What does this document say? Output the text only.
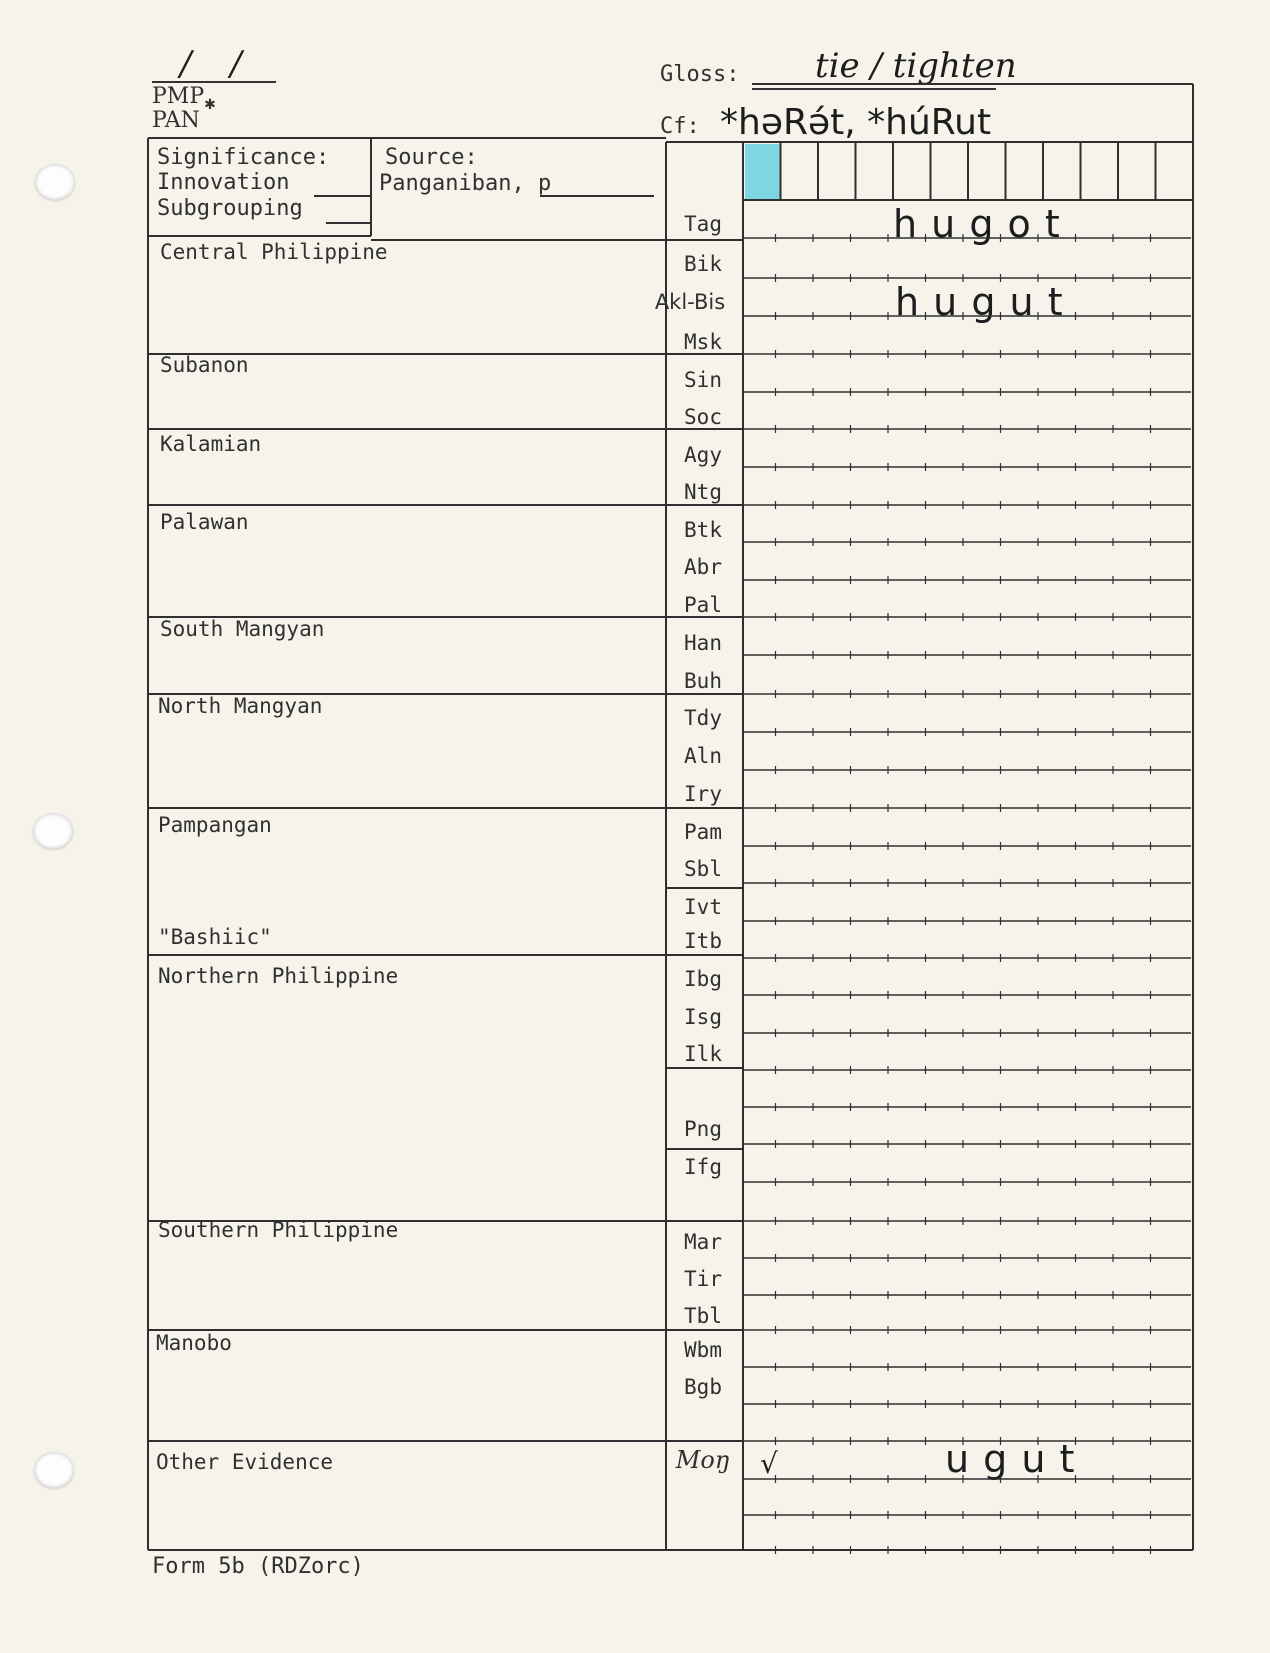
/ /
$PMP_✱$
PAN
Gloss: tie / tighten
Cf: *həRə́t, *húRut
Significance:
Innovation
Subgrouping
Source:
Panganiban, p
Central Philippine
Subanon
Kalamian
Palawan
South Mangyan
North Mangyan
Pampangan
"Bashiic"
Northern Philippine
Southern Philippine
Manobo
Other Evidence
Tag
Bik
Akl-Bis
Msk
Sin
Soc
Agy
Ntg
Btk
Abr
Pal
Han
Buh
Tdy
Aln
Iry
Pam
Sbl
Ivt
Itb
Ibg
Isg
Ilk
Png
Ifg
Mar
Tir
Tbl
Wbm
Bgb
Moŋ
h u g o t
h u g u t
√	u g u t
Form 5b (RDZorc)
